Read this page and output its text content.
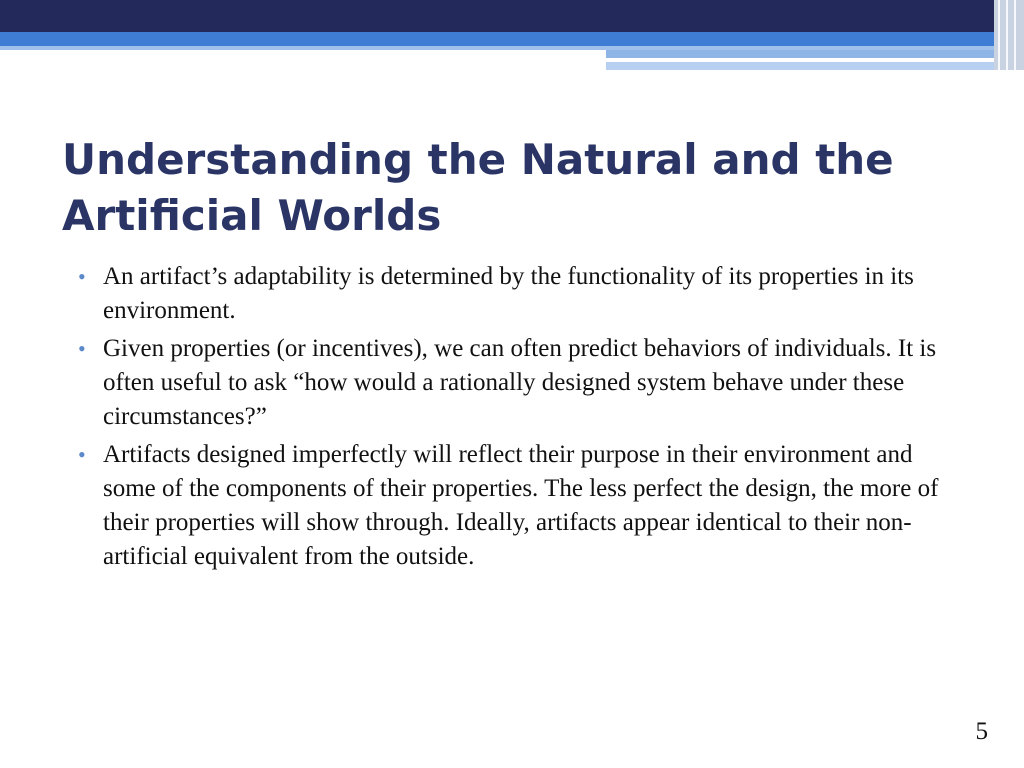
Understanding the Natural and the Artificial Worlds
• An artifact’s adaptability is determined by the functionality of its properties in its environment.
• Given properties (or incentives), we can often predict behaviors of individuals. It is often useful to ask “how would a rationally designed system behave under these circumstances?”
• Artifacts designed imperfectly will reflect their purpose in their environment and some of the components of their properties. The less perfect the design, the more of their properties will show through. Ideally, artifacts appear identical to their non-artificial equivalent from the outside.
5
